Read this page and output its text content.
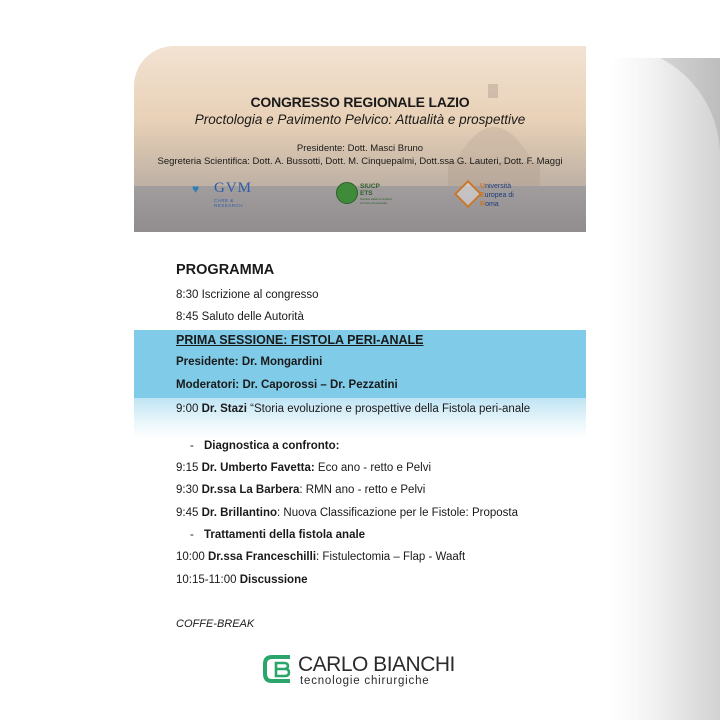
CONGRESSO REGIONALE LAZIO
Proctologia e Pavimento Pelvico: Attualità e prospettive
Presidente: Dott. Masci Bruno
Segreteria Scientifica: Dott. A. Bussotti, Dott. M. Cinquepalmi, Dott.ssa G. Lauteri, Dott. F. Maggi
♥ GVM
CARE & RESEARCH
SIUCP
ETS
Società Italiana Unitaria di Colon-Proctologia
Università
Europea di
Roma
PROGRAMMA
8:30 Iscrizione al congresso
8:45 Saluto delle Autorità
PRIMA SESSIONE: FISTOLA PERI-ANALE
Presidente: Dr. Mongardini
Moderatori: Dr. Caporossi – Dr. Pezzatini
9:00 Dr. Stazi “Storia evoluzione e prospettive della Fistola peri-anale
- Diagnostica a confronto:
9:15 Dr. Umberto Favetta: Eco ano - retto e Pelvi
9:30 Dr.ssa La Barbera: RMN ano - retto e Pelvi
9:45 Dr. Brillantino: Nuova Classificazione per le Fistole: Proposta
- Trattamenti della fistola anale
10:00 Dr.ssa Franceschilli: Fistulectomia – Flap - Waaft
10:15-11:00 Discussione
COFFE-BREAK
CARLO BIANCHI
tecnologie chirurgiche
